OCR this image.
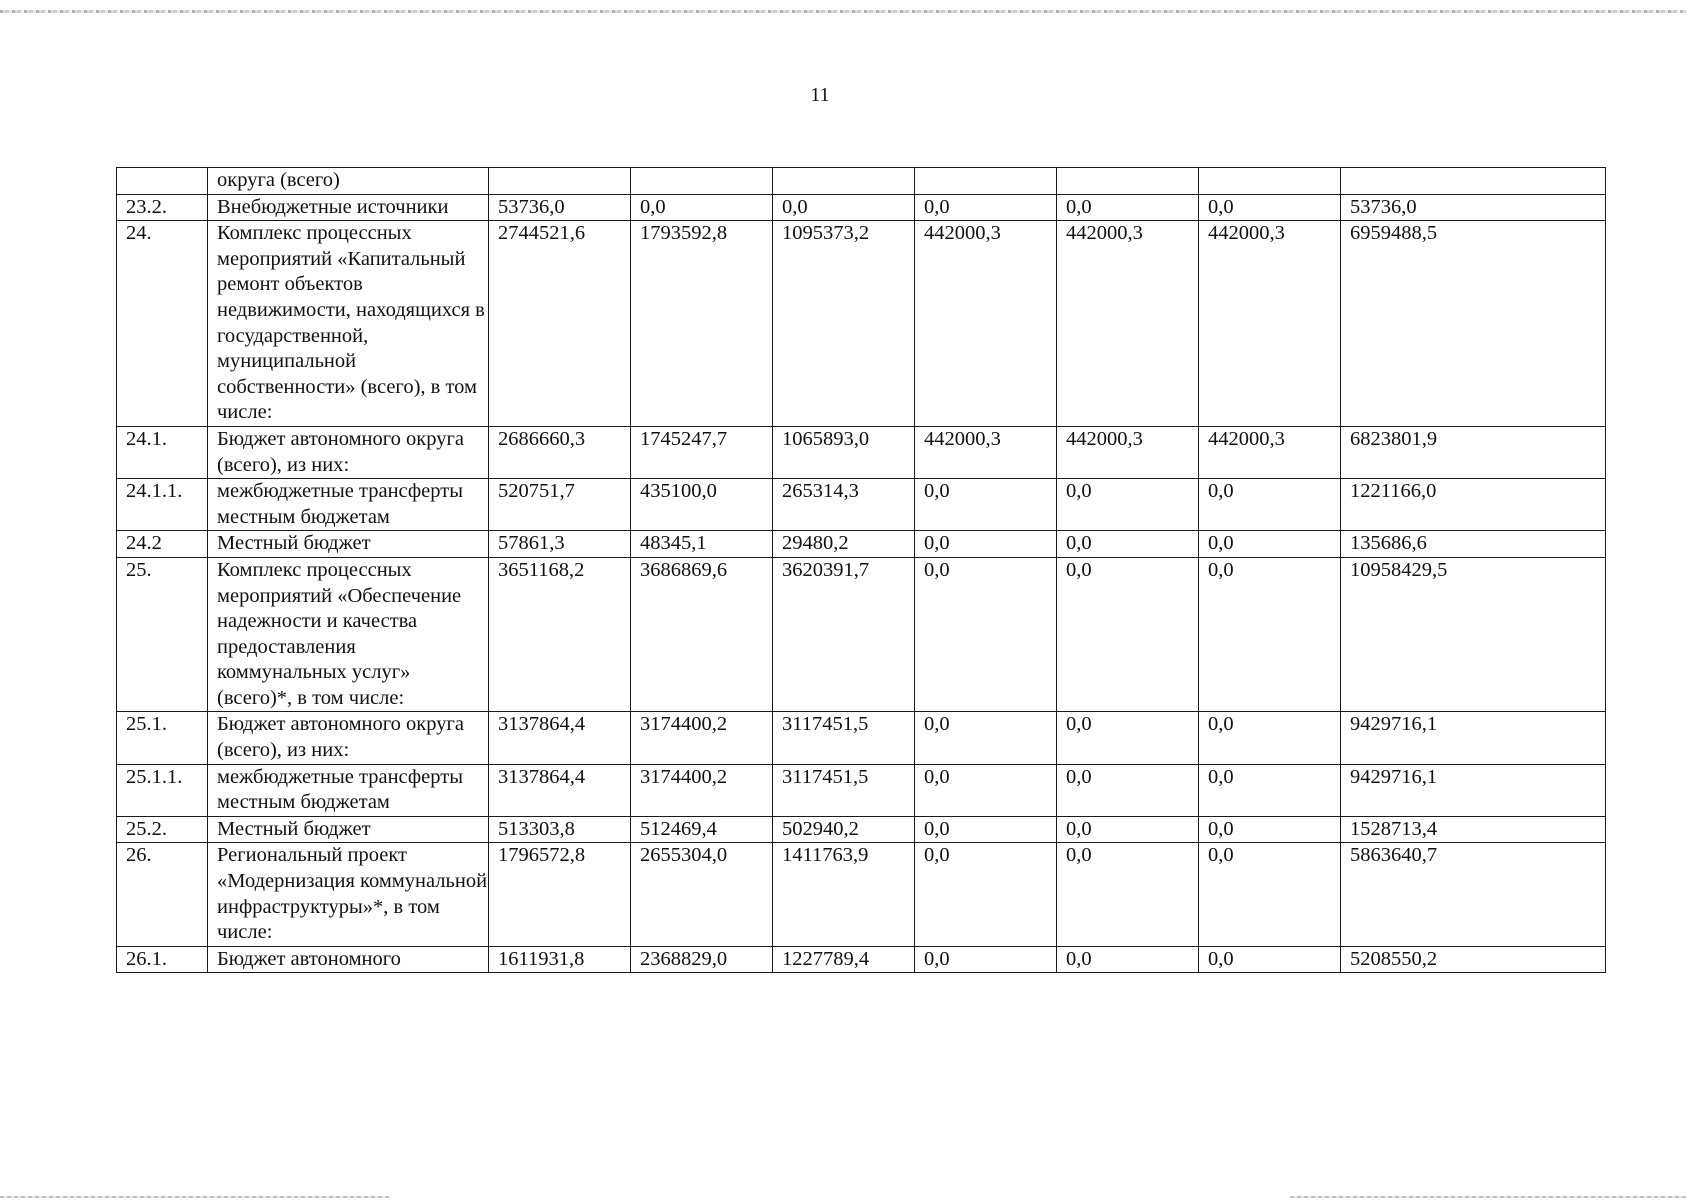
11
	округа (всего)							
23.2.	Внебюджетные источники	53736,0	0,0	0,0	0,0	0,0	0,0	53736,0
24.	Комплекс процессных мероприятий «Капитальный ремонт объектов недвижимости, находящихся в государственной, муниципальной собственности» (всего), в том числе:	2744521,6	1793592,8	1095373,2	442000,3	442000,3	442000,3	6959488,5
24.1.	Бюджет автономного округа (всего), из них:	2686660,3	1745247,7	1065893,0	442000,3	442000,3	442000,3	6823801,9
24.1.1.	межбюджетные трансферты местным бюджетам	520751,7	435100,0	265314,3	0,0	0,0	0,0	1221166,0
24.2	Местный бюджет	57861,3	48345,1	29480,2	0,0	0,0	0,0	135686,6
25.	Комплекс процессных мероприятий «Обеспечение надежности и качества предоставления коммунальных услуг» (всего)*, в том числе:	3651168,2	3686869,6	3620391,7	0,0	0,0	0,0	10958429,5
25.1.	Бюджет автономного округа (всего), из них:	3137864,4	3174400,2	3117451,5	0,0	0,0	0,0	9429716,1
25.1.1.	межбюджетные трансферты местным бюджетам	3137864,4	3174400,2	3117451,5	0,0	0,0	0,0	9429716,1
25.2.	Местный бюджет	513303,8	512469,4	502940,2	0,0	0,0	0,0	1528713,4
26.	Региональный проект «Модернизация коммунальной инфраструктуры»*, в том числе:	1796572,8	2655304,0	1411763,9	0,0	0,0	0,0	5863640,7
26.1.	Бюджет автономного	1611931,8	2368829,0	1227789,4	0,0	0,0	0,0	5208550,2
